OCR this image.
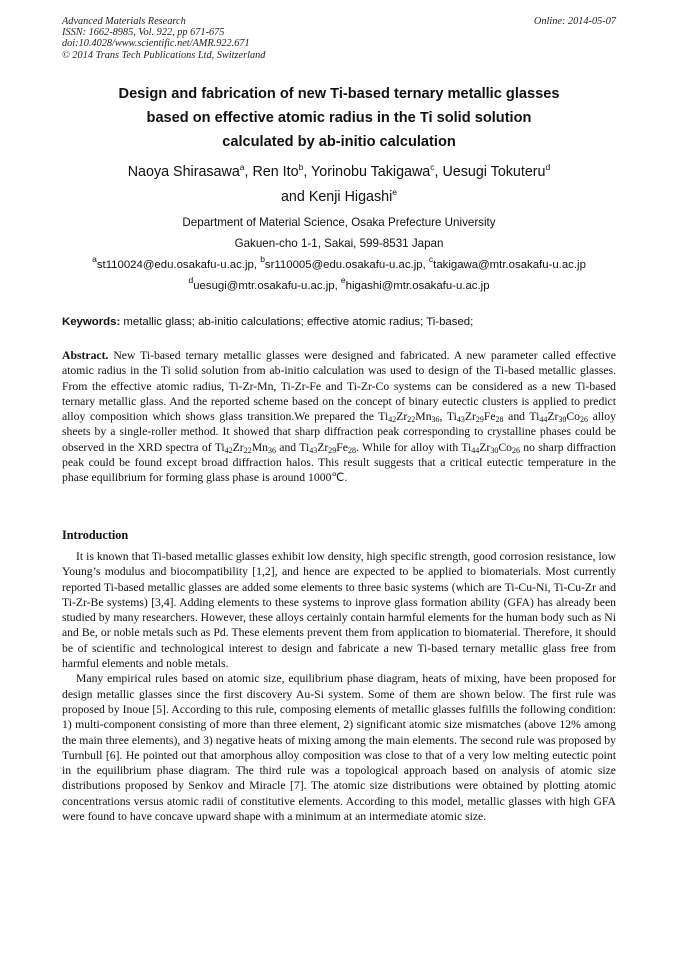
Advanced Materials Research
ISSN: 1662-8985, Vol. 922, pp 671-675
doi:10.4028/www.scientific.net/AMR.922.671
© 2014 Trans Tech Publications Ltd, Switzerland
Online: 2014-05-07
Design and fabrication of new Ti-based ternary metallic glasses
based on effective atomic radius in the Ti solid solution
calculated by ab-initio calculation
Naoya Shirasawa$^a$, Ren Ito$^b$, Yorinobu Takigawa$^c$, Uesugi Tokuteru$^d$
and Kenji Higashi$^e$
Department of Material Science, Osaka Prefecture University
Gakuen-cho 1-1, Sakai, 599-8531 Japan
$^a$st110024@edu.osakafu-u.ac.jp, $^b$sr110005@edu.osakafu-u.ac.jp, $^c$takigawa@mtr.osakafu-u.ac.jp
$^d$uesugi@mtr.osakafu-u.ac.jp, $^e$higashi@mtr.osakafu-u.ac.jp
Keywords: metallic glass; ab-initio calculations; effective atomic radius; Ti-based;
Abstract. New Ti-based ternary metallic glasses were designed and fabricated. A new parameter called effective atomic radius in the Ti solid solution from ab-initio calculation was used to design of the Ti-based metallic glasses. From the effective atomic radius, Ti-Zr-Mn, Ti-Zr-Fe and Ti-Zr-Co systems can be considered as a new Ti-based ternary metallic glass. And the reported scheme based on the concept of binary eutectic clusters is applied to predict alloy composition which shows glass transition.We prepared the $Ti_{42}Zr_{22}Mn_{36}$, $Ti_{43}Zr_{29}Fe_{28}$ and $Ti_{44}Zr_{30}Co_{26}$ alloy sheets by a single-roller method. It showed that sharp diffraction peak corresponding to crystalline phases could be observed in the XRD spectra of $Ti_{42}Zr_{22}Mn_{36}$ and $Ti_{43}Zr_{29}Fe_{28}$. While for alloy with $Ti_{44}Zr_{30}Co_{26}$ no sharp diffraction peak could be found except broad diffraction halos. This result suggests that a critical eutectic temperature in the phase equilibrium for forming glass phase is around 1000℃.
Introduction

It is known that Ti-based metallic glasses exhibit low density, high specific strength, good corrosion resistance, low Young’s modulus and biocompatibility [1,2], and hence are expected to be applied to biomaterials. Most currently reported Ti-based metallic glasses are added some elements to three basic systems (which are Ti-Cu-Ni, Ti-Cu-Zr and Ti-Zr-Be systems) [3,4]. Adding elements to these systems to inprove glass formation ability (GFA) has already been studied by many researchers. However, these alloys certainly contain harmful elements for the human body such as Ni and Be, or noble metals such as Pd. These elements prevent them from application to biomaterial. Therefore, it should be of scientific and technological interest to design and fabricate a new Ti-based ternary metallic glass free from harmful elements and noble metals.

Many empirical rules based on atomic size, equilibrium phase diagram, heats of mixing, have been proposed for design metallic glasses since the first discovery Au-Si system. Some of them are shown below. The first rule was proposed by Inoue [5]. According to this rule, composing elements of metallic glasses fulfills the following condition: 1) multi-component consisting of more than three element, 2) significant atomic size mismatches (above 12% among the main three elements), and 3) negative heats of mixing among the main elements. The second rule was proposed by Turnbull [6]. He pointed out that amorphous alloy composition was close to that of a very low melting eutectic point in the equilibrium phase diagram. The third rule was a topological approach based on analysis of atomic size distributions proposed by Senkov and Miracle [7]. The atomic size distributions were obtained by plotting atomic concentrations versus atomic radii of constitutive elements. According to this model, metallic glasses with high GFA were found to have concave upward shape with a minimum at an intermediate atomic size.
